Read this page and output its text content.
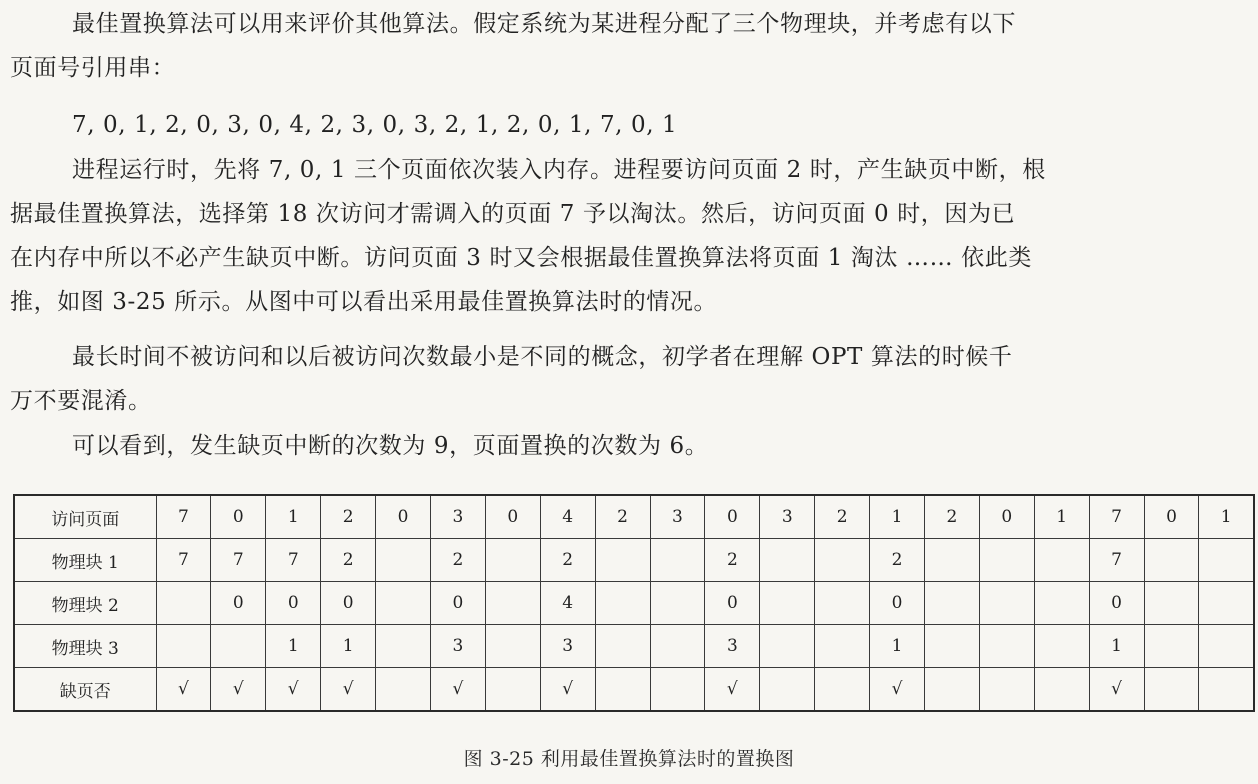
最佳置换算法可以用来评价其他算法。假定系统为某进程分配了三个物理块，并考虑有以下

页面号引用串：

7, 0, 1, 2, 0, 3, 0, 4, 2, 3, 0, 3, 2, 1, 2, 0, 1, 7, 0, 1

进程运行时，先将 7, 0, 1 三个页面依次装入内存。进程要访问页面 2 时，产生缺页中断，根

据最佳置换算法，选择第 18 次访问才需调入的页面 7 予以淘汰。然后，访问页面 0 时，因为已

在内存中所以不必产生缺页中断。访问页面 3 时又会根据最佳置换算法将页面 1 淘汰 …… 依此类

推，如图 3-25 所示。从图中可以看出采用最佳置换算法时的情况。

最长时间不被访问和以后被访问次数最小是不同的概念，初学者在理解 OPT 算法的时候千

万不要混淆。

可以看到，发生缺页中断的次数为 9，页面置换的次数为 6。

访问页面	7	0	1	2	0	3	0	4	2	3	0	3	2	1	2	0	1	7	0	1
物理块 1	7	7	7	2		2		2			2			2				7		
物理块 2		0	0	0		0		4			0			0				0		
物理块 3			1	1		3		3			3			1				1		
缺页否	√	√	√	√		√		√			√			√				√		
图 3-25 利用最佳置换算法时的置换图
